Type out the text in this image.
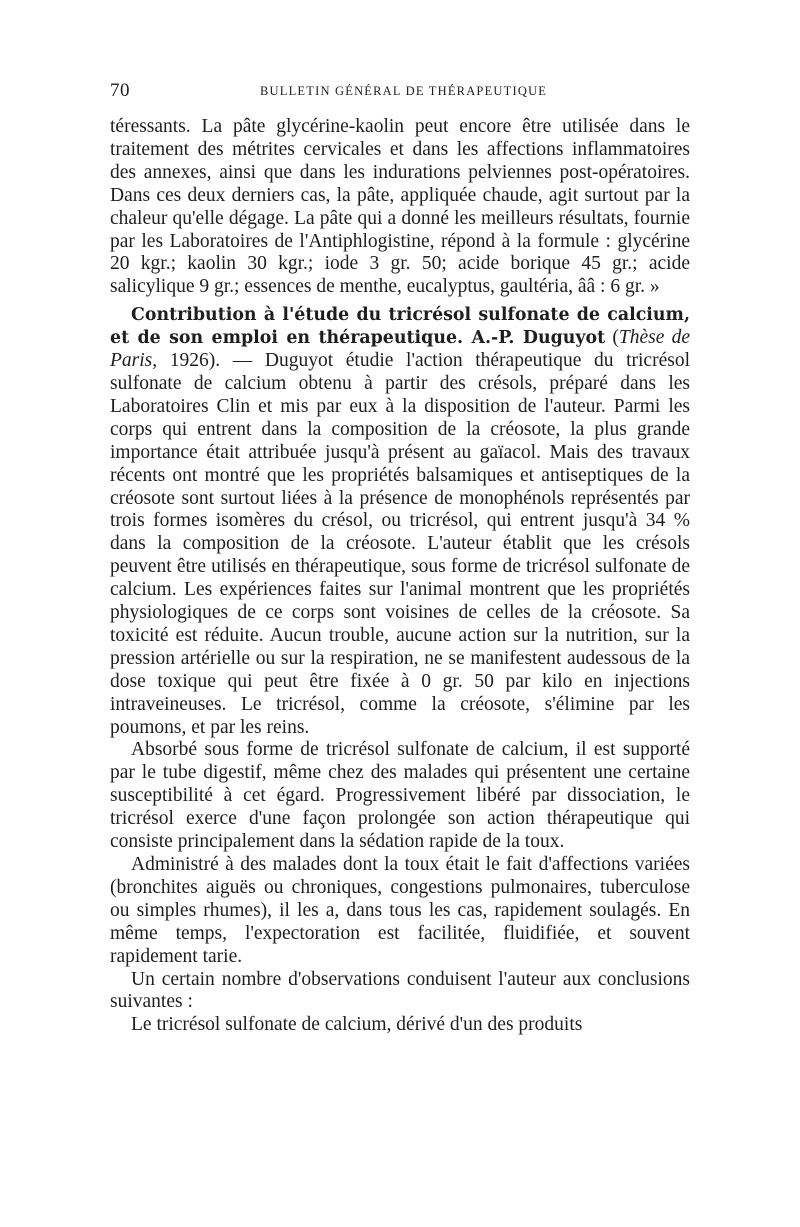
70	BULLETIN GÉNÉRAL DE THÉRAPEUTIQUE

téressants. La pâte glycérine-kaolin peut encore être utilisée dans le traitement des métrites cervicales et dans les affections inflammatoires des annexes, ainsi que dans les indurations pelviennes post-opératoires. Dans ces deux derniers cas, la pâte, appliquée chaude, agit surtout par la chaleur qu'elle dégage. La pâte qui a donné les meilleurs résultats, fournie par les Laboratoires de l'Antiphlogistine, répond à la formule : glycérine 20 kgr.; kaolin 30 kgr.; iode 3 gr. 50; acide borique 45 gr.; acide salicylique 9 gr.; essences de menthe, eucalyptus, gaultéria, ââ : 6 gr. »

Contribution à l'étude du tricrésol sulfonate de calcium, et de son emploi en thérapeutique. A.-P. Duguyot (Thèse de Paris, 1926). — Duguyot étudie l'action thérapeutique du tricrésol sulfonate de calcium obtenu à partir des crésols, préparé dans les Laboratoires Clin et mis par eux à la disposition de l'auteur. Parmi les corps qui entrent dans la composition de la créosote, la plus grande importance était attribuée jusqu'à présent au gaïacol. Mais des travaux récents ont montré que les propriétés balsamiques et antiseptiques de la créosote sont surtout liées à la présence de monophénols représentés par trois formes isomères du crésol, ou tricrésol, qui entrent jusqu'à 34 % dans la composition de la créosote. L'auteur établit que les crésols peuvent être utilisés en thérapeutique, sous forme de tricrésol sulfonate de calcium. Les expériences faites sur l'animal montrent que les propriétés physiologiques de ce corps sont voisines de celles de la créosote. Sa toxicité est réduite. Aucun trouble, aucune action sur la nutrition, sur la pression artérielle ou sur la respiration, ne se manifestent audessous de la dose toxique qui peut être fixée à 0 gr. 50 par kilo en injections intraveineuses. Le tricrésol, comme la créosote, s'élimine par les poumons, et par les reins.

Absorbé sous forme de tricrésol sulfonate de calcium, il est supporté par le tube digestif, même chez des malades qui présentent une certaine susceptibilité à cet égard. Progressivement libéré par dissociation, le tricrésol exerce d'une façon prolongée son action thérapeutique qui consiste principalement dans la sédation rapide de la toux.

Administré à des malades dont la toux était le fait d'affections variées (bronchites aiguës ou chroniques, congestions pulmonaires, tuberculose ou simples rhumes), il les a, dans tous les cas, rapidement soulagés. En même temps, l'expectoration est facilitée, fluidifiée, et souvent rapidement tarie.

Un certain nombre d'observations conduisent l'auteur aux conclusions suivantes :

Le tricrésol sulfonate de calcium, dérivé d'un des produits
